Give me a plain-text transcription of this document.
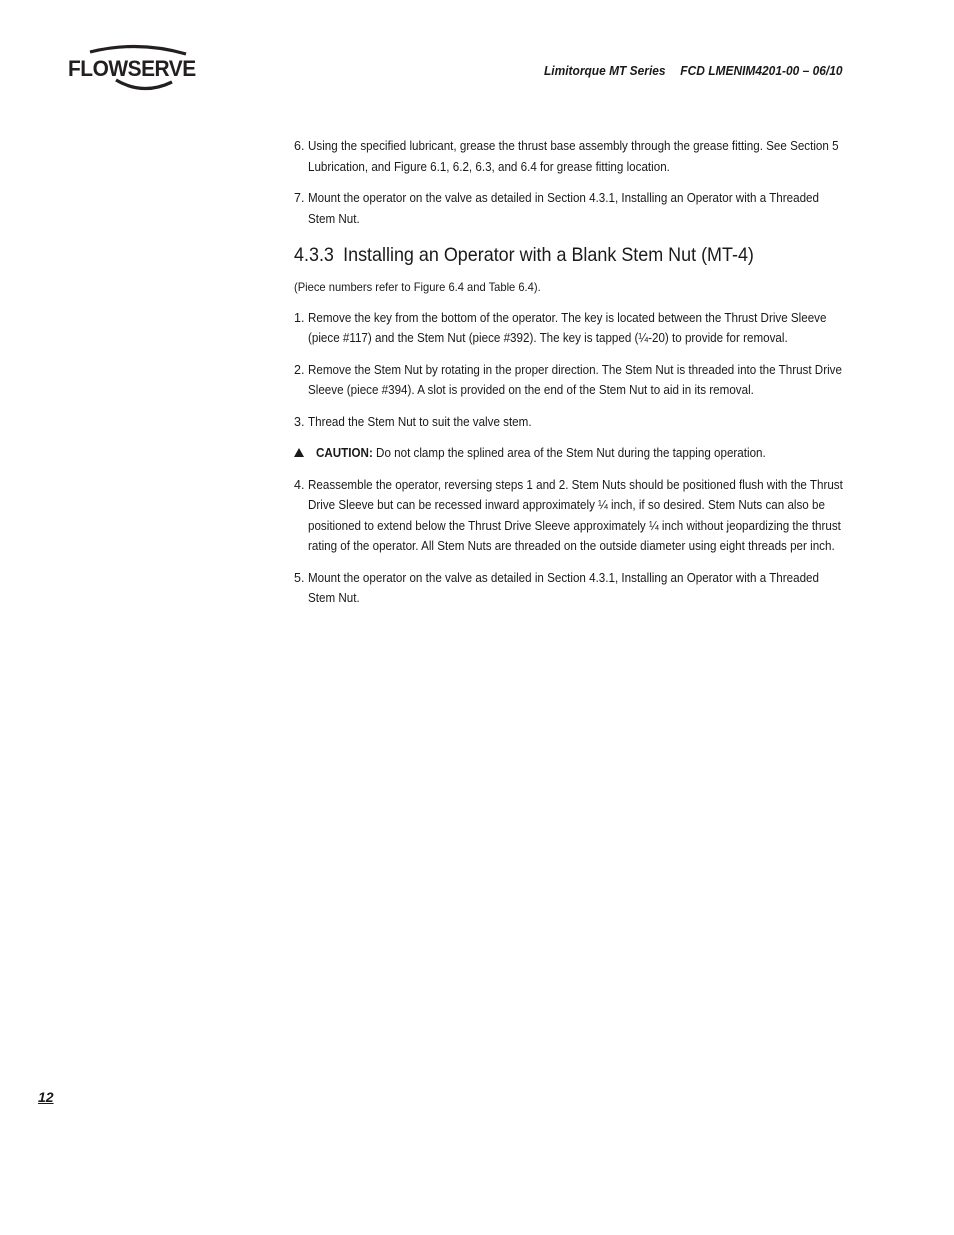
FLOWSERVE	Limitorque MT Series FCD LMENIM4201-00 – 06/10

6. Using the specified lubricant, grease the thrust base assembly through the grease fitting. See Section 5 Lubrication, and Figure 6.1, 6.2, 6.3, and 6.4 for grease fitting location.

7. Mount the operator on the valve as detailed in Section 4.3.1, Installing an Operator with a Threaded Stem Nut.

4.3.3 Installing an Operator with a Blank Stem Nut (MT-4)

(Piece numbers refer to Figure 6.4 and Table 6.4).

1. Remove the key from the bottom of the operator. The key is located between the Thrust Drive Sleeve (piece #117) and the Stem Nut (piece #392). The key is tapped (¼-20) to provide for removal.

2. Remove the Stem Nut by rotating in the proper direction. The Stem Nut is threaded into the Thrust Drive Sleeve (piece #394). A slot is provided on the end of the Stem Nut to aid in its removal.

3. Thread the Stem Nut to suit the valve stem.

CAUTION: Do not clamp the splined area of the Stem Nut during the tapping operation.

4. Reassemble the operator, reversing steps 1 and 2. Stem Nuts should be positioned flush with the Thrust Drive Sleeve but can be recessed inward approximately ¼ inch, if so desired. Stem Nuts can also be positioned to extend below the Thrust Drive Sleeve approximately ¼ inch without jeopardizing the thrust rating of the operator. All Stem Nuts are threaded on the outside diameter using eight threads per inch.

5. Mount the operator on the valve as detailed in Section 4.3.1, Installing an Operator with a Threaded Stem Nut.

12
